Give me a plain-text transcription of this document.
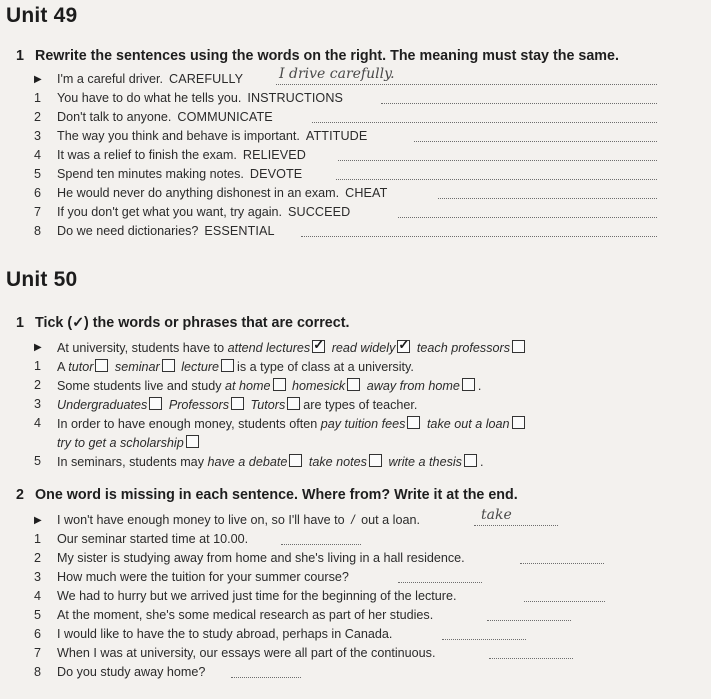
Unit 49
1 Rewrite the sentences using the words on the right. The meaning must stay the same.
▶	I'm a careful driver. CAREFULLY	I drive carefully.
1	You have to do what he tells you. INSTRUCTIONS
2	Don't talk to anyone. COMMUNICATE
3	The way you think and behave is important. ATTITUDE
4	It was a relief to finish the exam. RELIEVED
5	Spend ten minutes making notes. DEVOTE
6	He would never do anything dishonest in an exam. CHEAT
7	If you don't get what you want, try again. SUCCEED
8	Do we need dictionaries? ESSENTIAL
Unit 50
1 Tick (✓) the words or phrases that are correct.
▶	At university, students have to attend lectures ✓ read widely ✓ teach professors
1	A tutor seminar lecture is a type of class at a university.
2	Some students live and study at home homesick away from home .
3	Undergraduates Professors Tutors are types of teacher.
4	In order to have enough money, students often pay tuition fees take out a loan
try to get a scholarship
5	In seminars, students may have a debate take notes write a thesis .
2 One word is missing in each sentence. Where from? Write it at the end.
▶	I won't have enough money to live on, so I'll have to / out a loan.	take
1	Our seminar started time at 10.00.
2	My sister is studying away from home and she's living in a hall residence.
3	How much were the tuition for your summer course?
4	We had to hurry but we arrived just time for the beginning of the lecture.
5	At the moment, she's some medical research as part of her studies.
6	I would like to have the to study abroad, perhaps in Canada.
7	When I was at university, our essays were all part of the continuous.
8	Do you study away home?
